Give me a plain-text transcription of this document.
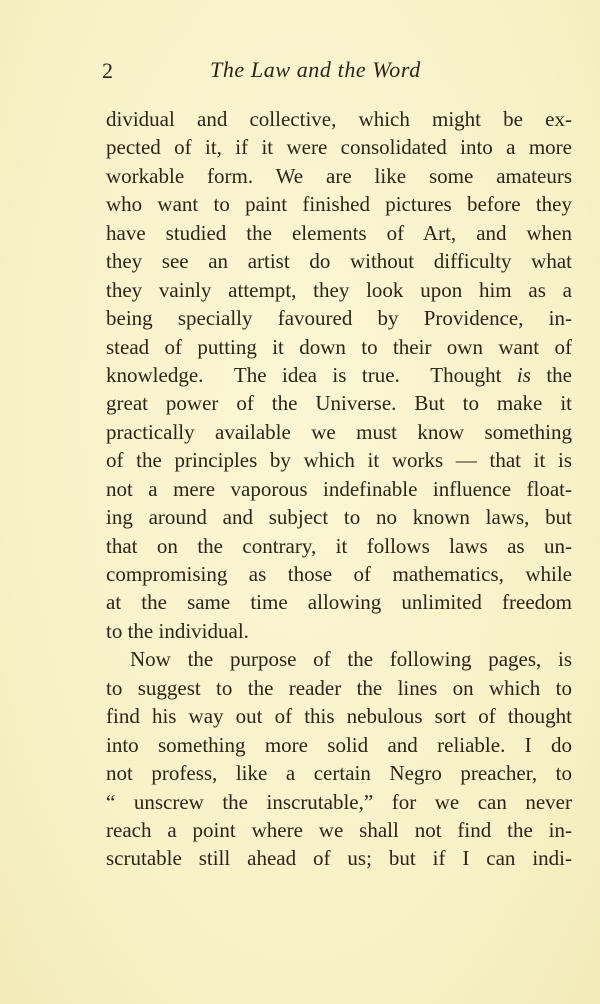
2	The Law and the Word
dividual and collective, which might be ex-
pected of it, if it were consolidated into a more
workable form. We are like some amateurs
who want to paint finished pictures before they
have studied the elements of Art, and when
they see an artist do without difficulty what
they vainly attempt, they look upon him as a
being specially favoured by Providence, in-
stead of putting it down to their own want of
knowledge.  The idea is true.  Thought is the
great power of the Universe. But to make it
practically available we must know something
of the principles by which it works — that it is
not a mere vaporous indefinable influence float-
ing around and subject to no known laws, but
that on the contrary, it follows laws as un-
compromising as those of mathematics, while
at the same time allowing unlimited freedom
to the individual.
Now the purpose of the following pages, is
to suggest to the reader the lines on which to
find his way out of this nebulous sort of thought
into something more solid and reliable. I do
not profess, like a certain Negro preacher, to
“ unscrew the inscrutable,” for we can never
reach a point where we shall not find the in-
scrutable still ahead of us; but if I can indi-
